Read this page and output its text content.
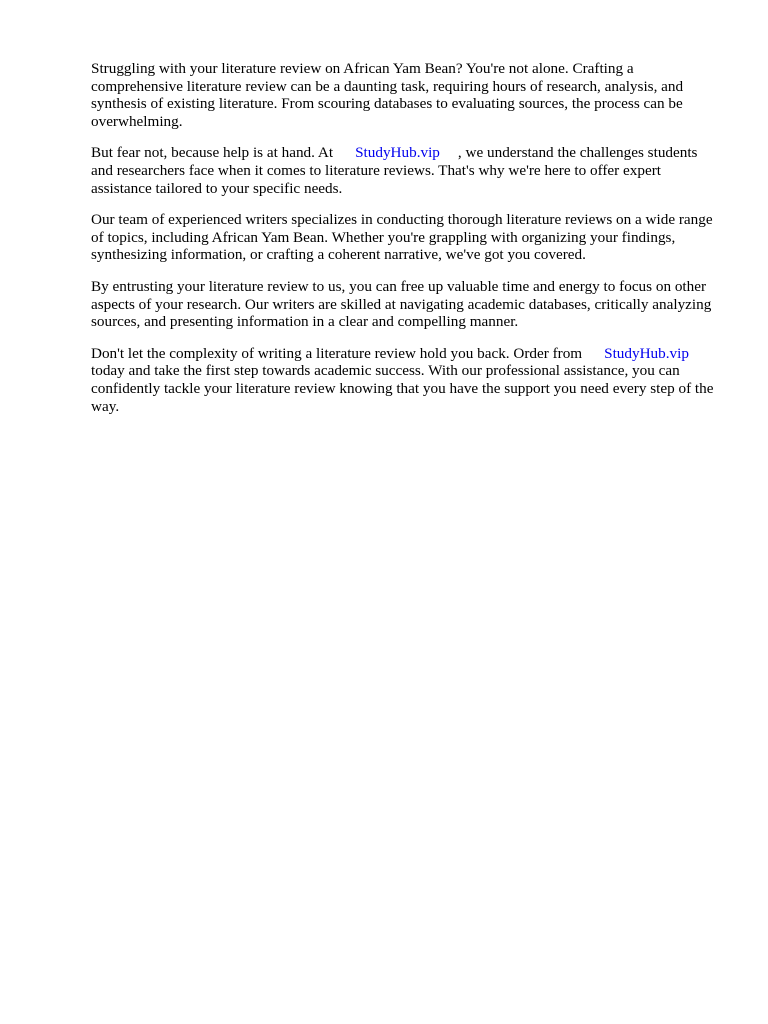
Struggling with your literature review on African Yam Bean? You're not alone. Crafting a comprehensive literature review can be a daunting task, requiring hours of research, analysis, and synthesis of existing literature. From scouring databases to evaluating sources, the process can be overwhelming.

But fear not, because help is at hand. At StudyHub.vip , we understand the challenges students and researchers face when it comes to literature reviews. That's why we're here to offer expert assistance tailored to your specific needs.

Our team of experienced writers specializes in conducting thorough literature reviews on a wide range of topics, including African Yam Bean. Whether you're grappling with organizing your findings, synthesizing information, or crafting a coherent narrative, we've got you covered.

By entrusting your literature review to us, you can free up valuable time and energy to focus on other aspects of your research. Our writers are skilled at navigating academic databases, critically analyzing sources, and presenting information in a clear and compelling manner.

Don't let the complexity of writing a literature review hold you back. Order from StudyHub.viptoday and take the first step towards academic success. With our professional assistance, you can confidently tackle your literature review knowing that you have the support you need every step of the way.
